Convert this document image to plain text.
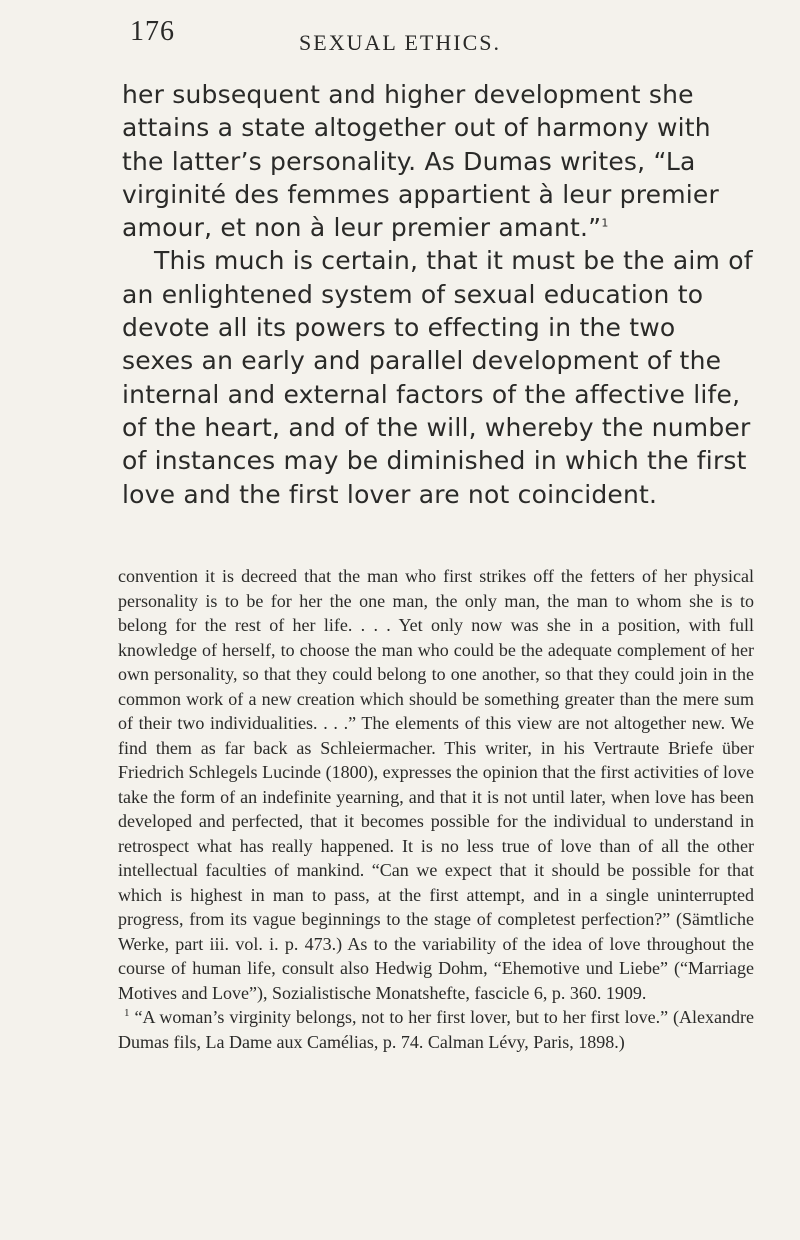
176	SEXUAL ETHICS.

her subsequent and higher development she attains a state altogether out of harmony with the latter’s personality. As Dumas writes, “La virginité des femmes appartient à leur premier amour, et non à leur premier amant.”$^1$

This much is certain, that it must be the aim of an enlightened system of sexual education to devote all its powers to effecting in the two sexes an early and parallel development of the internal and external factors of the affective life, of the heart, and of the will, whereby the number of instances may be diminished in which the first love and the first lover are not coincident.

convention it is decreed that the man who first strikes off the fetters of her physical personality is to be for her the one man, the only man, the man to whom she is to belong for the rest of her life. . . . Yet only now was she in a position, with full knowledge of herself, to choose the man who could be the adequate complement of her own personality, so that they could belong to one another, so that they could join in the common work of a new creation which should be something greater than the mere sum of their two individualities. . . .” The elements of this view are not altogether new. We find them as far back as Schleiermacher. This writer, in his Vertraute Briefe über Friedrich Schlegels Lucinde (1800), expresses the opinion that the first activities of love take the form of an indefinite yearning, and that it is not until later, when love has been developed and perfected, that it becomes possible for the individual to understand in retrospect what has really happened. It is no less true of love than of all the other intellectual faculties of mankind. “Can we expect that it should be possible for that which is highest in man to pass, at the first attempt, and in a single uninterrupted progress, from its vague beginnings to the stage of completest perfection?” (Sämtliche Werke, part iii. vol. i. p. 473.) As to the variability of the idea of love throughout the course of human life, consult also Hedwig Dohm, “Ehemotive und Liebe” (“Marriage Motives and Love”), Sozialistische Monatshefte, fascicle 6, p. 360. 1909.

$^1$ “A woman’s virginity belongs, not to her first lover, but to her first love.” (Alexandre Dumas fils, La Dame aux Camélias, p. 74. Calman Lévy, Paris, 1898.)
